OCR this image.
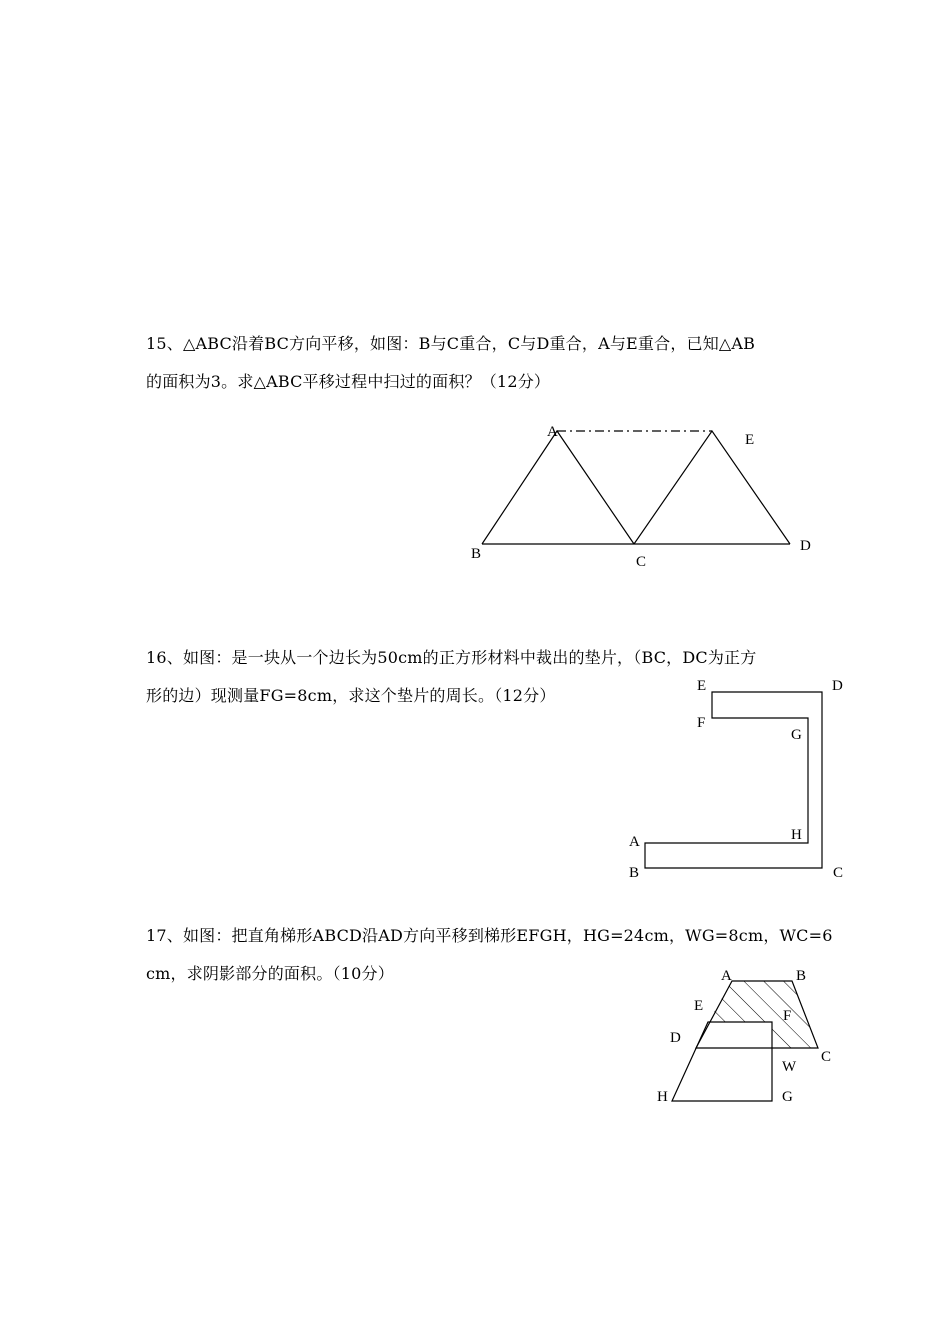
15、△ABC沿着BC方向平移，如图：B与C重合，C与D重合，A与E重合，已知△AB
的面积为3。求△ABC平移过程中扫过的面积？（12分）
16、如图：是一块从一个边长为50cm的正方形材料中裁出的垫片，（BC，DC为正方
形的边）现测量FG=8cm，求这个垫片的周长。（12分）
17、如图：把直角梯形ABCD沿AD方向平移到梯形EFGH，HG=24cm，WG=8cm，WC=6
cm，求阴影部分的面积。（10分）
A	E
B	C
D
E	D
F
G
H
A
B	C
A	B
E
F
D
W
C
H	G
